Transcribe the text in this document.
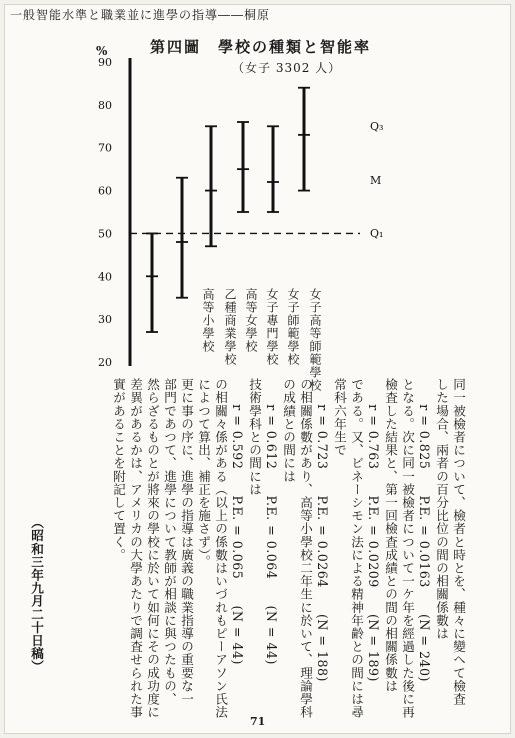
一般智能水準と職業並に進學の指導――桐原
第四圖　學校の種類と智能率
（女子 3302 人）
%
20
30
40
50
60
70
80
90
Q₃
M
Q₁
高等小學校 乙種商業學校 高等女學校 女子專門學校 女子師範學校 女子高等師範學校
同一被檢者について、檢者と時とを、種々に變へて檢査
した場合、兩者の百分比位の間の相關係數は
　　r = 0.825　　P.E. = 0.0163　　(N = 240)
となる。次に同一被檢者について一ケ年を經過した後に再
檢査した結果と、第一回檢査成績との間の相關係數は
　　r = 0.763　　P.E. = 0.0209　　(N = 189)
である。又、ビネーシモン法による精神年齢との間には尋
常科六年生で
　　r = 0.723　　P.E. = 0.0264　　(N = 188)
の相關係數があり、高等小學校二年生に於いて、理論學科
の成績との間には
　　r = 0.612　　P.E. = 0.064　　(N = 44)
技術學科との間には
　　r = 0.592　　P.E. = 0.065　　(N = 44)
の相關々係がある（以上の係數はいづれもピーアソン氏法
によつて算出、補正を施さず）。
更に事の序に、進學の指導は廣義の職業指導の重要な一
部門であつて、進學について教師が相談に與つたもの、
然らざるものとが將來の學校に於いて如何にその成功度に
差異があるかは、アメリカの大學あたりで調査せられた事
實があることを附記して置く。
（昭和三年九月二十日稿）
71
